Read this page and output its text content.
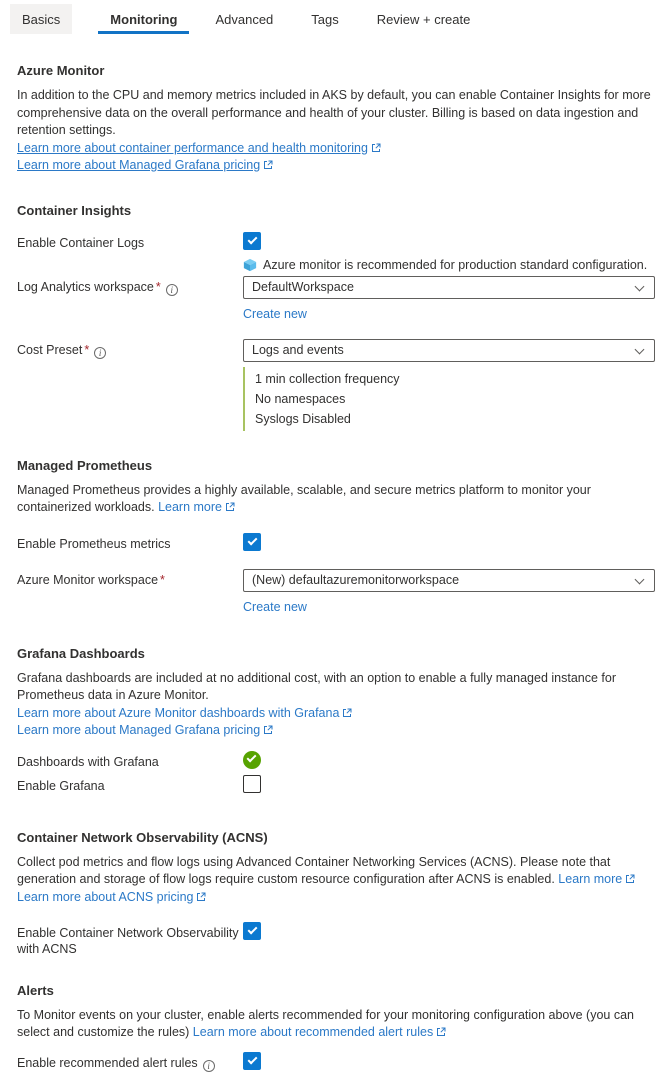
Basics	Monitoring	Advanced	Tags	Review + create
Azure Monitor

In addition to the CPU and memory metrics included in AKS by default, you can enable Container Insights for more comprehensive data on the overall performance and health of your cluster. Billing is based on data ingestion and retention settings.

Learn more about container performance and health monitoring
Learn more about Managed Grafana pricing
Container Insights
Enable Container Logs
Azure monitor is recommended for production standard configuration.
Log Analytics workspace * i	DefaultWorkspace
Create new
Cost Preset * i	Logs and events
1 min collection frequency
No namespaces
Syslogs Disabled
Managed Prometheus

Managed Prometheus provides a highly available, scalable, and secure metrics platform to monitor your containerized workloads. Learn more

Enable Prometheus metrics
Azure Monitor workspace *	(New) defaultazuremonitorworkspace
Create new
Grafana Dashboards

Grafana dashboards are included at no additional cost, with an option to enable a fully managed instance for Prometheus data in Azure Monitor.

Learn more about Azure Monitor dashboards with Grafana
Learn more about Managed Grafana pricing
Dashboards with Grafana
Enable Grafana
Container Network Observability (ACNS)

Collect pod metrics and flow logs using Advanced Container Networking Services (ACNS). Please note that generation and storage of flow logs require custom resource configuration after ACNS is enabled. Learn more

Learn more about ACNS pricing
Enable Container Network Observability with ACNS
Alerts

To Monitor events on your cluster, enable alerts recommended for your monitoring configuration above (you can select and customize the rules) Learn more about recommended alert rules

Enable recommended alert rules i
